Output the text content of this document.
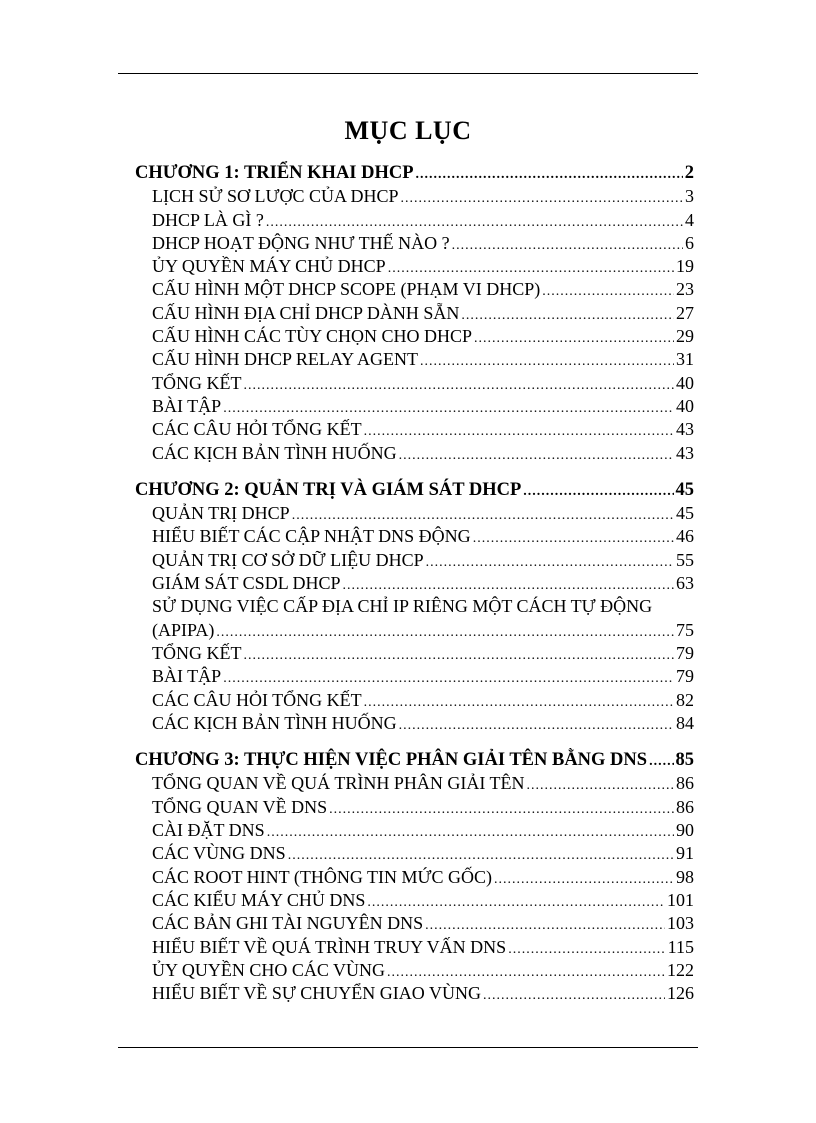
MỤC LỤC
CHƯƠNG 1: TRIỂN KHAI DHCP .....	2
LỊCH SỬ SƠ LƯỢC CỦA DHCP .....	3
DHCP LÀ GÌ ? .....	4
DHCP HOẠT ĐỘNG NHƯ THẾ NÀO ? .....	6
ỦY QUYỀN MÁY CHỦ DHCP .....	19
CẤU HÌNH MỘT DHCP SCOPE (PHẠM VI DHCP) .....	23
CẤU HÌNH ĐỊA CHỈ DHCP DÀNH SẴN .....	27
CẤU HÌNH CÁC TÙY CHỌN CHO DHCP .....	29
CẤU HÌNH DHCP RELAY AGENT .....	31
TỔNG KẾT .....	40
BÀI TẬP .....	40
CÁC CÂU HỎI TỔNG KẾT .....	43
CÁC KỊCH BẢN TÌNH HUỐNG .....	43
CHƯƠNG 2: QUẢN TRỊ VÀ GIÁM SÁT DHCP .....	45
QUẢN TRỊ DHCP .....	45
HIỂU BIẾT CÁC CẬP NHẬT DNS ĐỘNG .....	46
QUẢN TRỊ CƠ SỞ DỮ LIỆU DHCP .....	55
GIÁM SÁT CSDL DHCP .....	63
SỬ DỤNG VIỆC CẤP ĐỊA CHỈ IP RIÊNG MỘT CÁCH TỰ ĐỘNG
(APIPA) .....	75
TỔNG KẾT .....	79
BÀI TẬP .....	79
CÁC CÂU HỎI TỔNG KẾT .....	82
CÁC KỊCH BẢN TÌNH HUỐNG .....	84
CHƯƠNG 3: THỰC HIỆN VIỆC PHÂN GIẢI TÊN BẰNG DNS ..... 85
TỔNG QUAN VỀ QUÁ TRÌNH PHÂN GIẢI TÊN .....	86
TỔNG QUAN VỀ DNS .....	86
CÀI ĐẶT DNS .....	90
CÁC VÙNG DNS .....	91
CÁC ROOT HINT (THÔNG TIN MỨC GỐC) .....	98
CÁC KIỂU MÁY CHỦ DNS .....	101
CÁC BẢN GHI TÀI NGUYÊN DNS .....	103
HIỂU BIẾT VỀ QUÁ TRÌNH TRUY VẤN DNS .....	115
ỦY QUYỀN CHO CÁC VÙNG .....	122
HIỂU BIẾT VỀ SỰ CHUYỂN GIAO VÙNG .....	126
